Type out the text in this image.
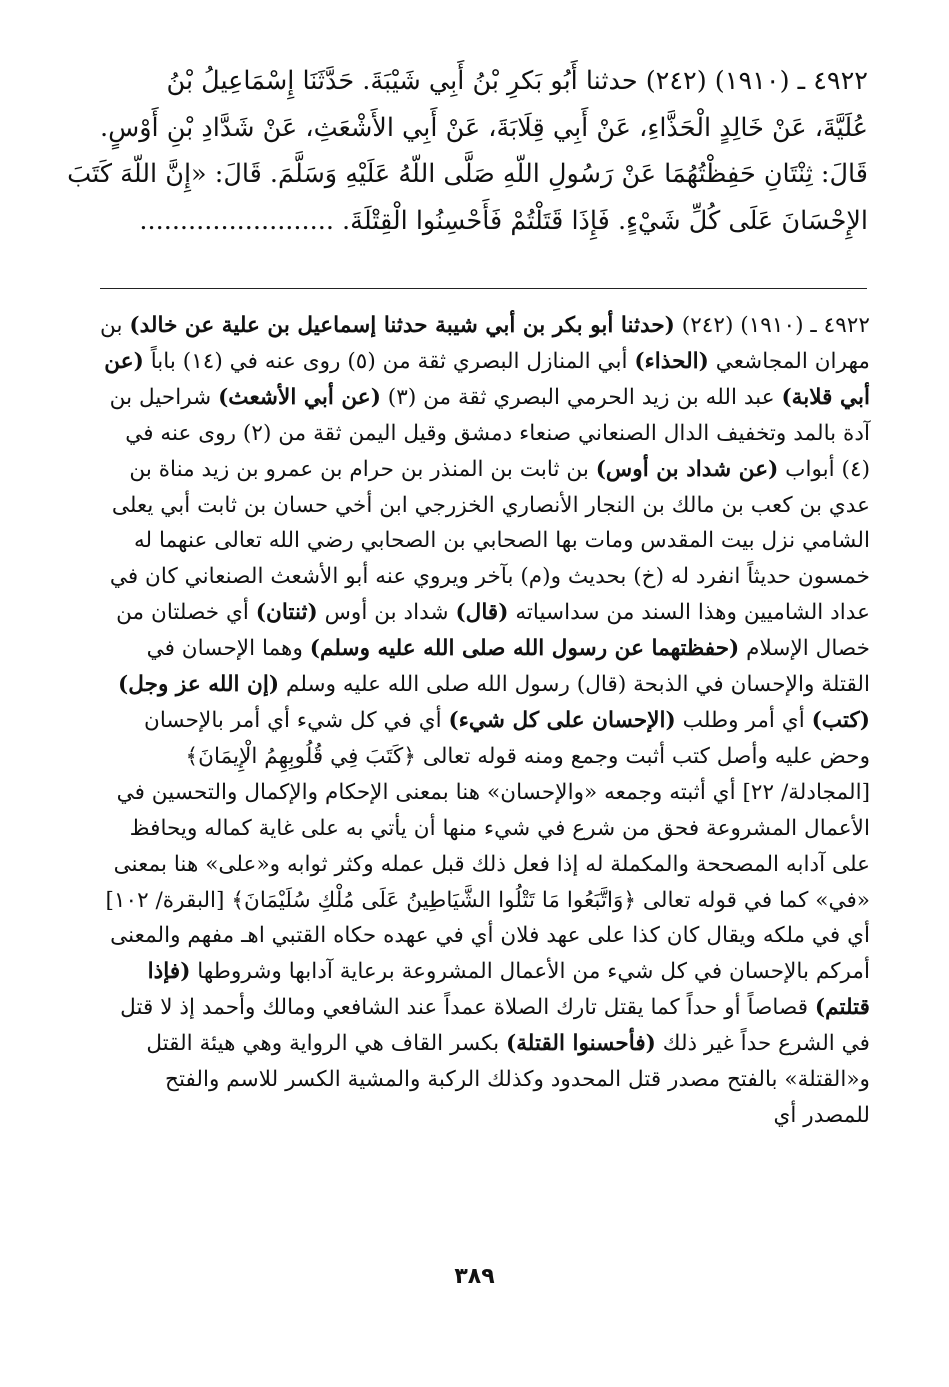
٤٩٢٢ ـ (١٩١٠) (٢٤٢) حدثنا أَبُو بَكرِ بْنُ أَبِي شَيْبَةَ. حَدَّثَنَا إِسْمَاعِيلُ بْنُ
عُلَيَّةَ، عَنْ خَالِدٍ الْحَذَّاءِ، عَنْ أَبِي قِلَابَةَ، عَنْ أَبِي الأَشْعَثِ، عَنْ شَدَّادِ بْنِ أَوْسٍ.
قَالَ: ثِنْتَانِ حَفِظْتُهُمَا عَنْ رَسُولِ اللّهِ صَلَّى اللّهُ عَلَيْهِ وَسَلَّمَ. قَالَ: «إِنَّ اللّهَ كَتَبَ
الإِحْسَانَ عَلَى كُلِّ شَيْءٍ. فَإِذَا قَتَلْتُمْ فَأَحْسِنُوا الْقِتْلَةَ. ........................

٤٩٢٢ ـ (١٩١٠) (٢٤٢) (حدثنا أبو بكر بن أبي شيبة حدثنا إسماعيل بن علية عن خالد) بن مهران المجاشعي (الحذاء) أبي المنازل البصري ثقة من (٥) روى عنه في (١٤) باباً (عن أبي قلابة) عبد الله بن زيد الحرمي البصري ثقة من (٣) (عن أبي الأشعث) شراحيل بن آدة بالمد وتخفيف الدال الصنعاني صنعاء دمشق وقيل اليمن ثقة من (٢) روى عنه في (٤) أبواب (عن شداد بن أوس) بن ثابت بن المنذر بن حرام بن عمرو بن زيد مناة بن عدي بن كعب بن مالك بن النجار الأنصاري الخزرجي ابن أخي حسان بن ثابت أبي يعلى الشامي نزل بيت المقدس ومات بها الصحابي بن الصحابي رضي الله تعالى عنهما له خمسون حديثاً انفرد له (خ) بحديث و(م) بآخر ويروي عنه أبو الأشعث الصنعاني كان في عداد الشاميين وهذا السند من سداسياته (قال) شداد بن أوس (ثنتان) أي خصلتان من خصال الإسلام (حفظتهما عن رسول الله صلى الله عليه وسلم) وهما الإحسان في القتلة والإحسان في الذبحة (قال) رسول الله صلى الله عليه وسلم (إن الله عز وجل) (كتب) أي أمر وطلب (الإحسان على كل شيء) أي في كل شيء أي أمر بالإحسان وحض عليه وأصل كتب أثبت وجمع ومنه قوله تعالى ﴿كَتَبَ فِي قُلُوبِهِمُ الْإِيمَانَ﴾ [المجادلة/ ٢٢] أي أثبته وجمعه «والإحسان» هنا بمعنى الإحكام والإكمال والتحسين في الأعمال المشروعة فحق من شرع في شيء منها أن يأتي به على غاية كماله ويحافظ على آدابه المصححة والمكملة له إذا فعل ذلك قبل عمله وكثر ثوابه و«على» هنا بمعنى «في» كما في قوله تعالى ﴿وَاتَّبَعُوا مَا تَتْلُوا الشَّيَاطِينُ عَلَى مُلْكِ سُلَيْمَانَ﴾ [البقرة/ ١٠٢] أي في ملكه ويقال كان كذا على عهد فلان أي في عهده حكاه القتبي اهـ مفهم والمعنى أمركم بالإحسان في كل شيء من الأعمال المشروعة برعاية آدابها وشروطها (فإذا قتلتم) قصاصاً أو حداً كما يقتل تارك الصلاة عمداً عند الشافعي ومالك وأحمد إذ لا قتل في الشرع حداً غير ذلك (فأحسنوا القتلة) بكسر القاف هي الرواية وهي هيئة القتل و«القتلة» بالفتح مصدر قتل المحدود وكذلك الركبة والمشية الكسر للاسم والفتح للمصدر أي

٣٨٩
